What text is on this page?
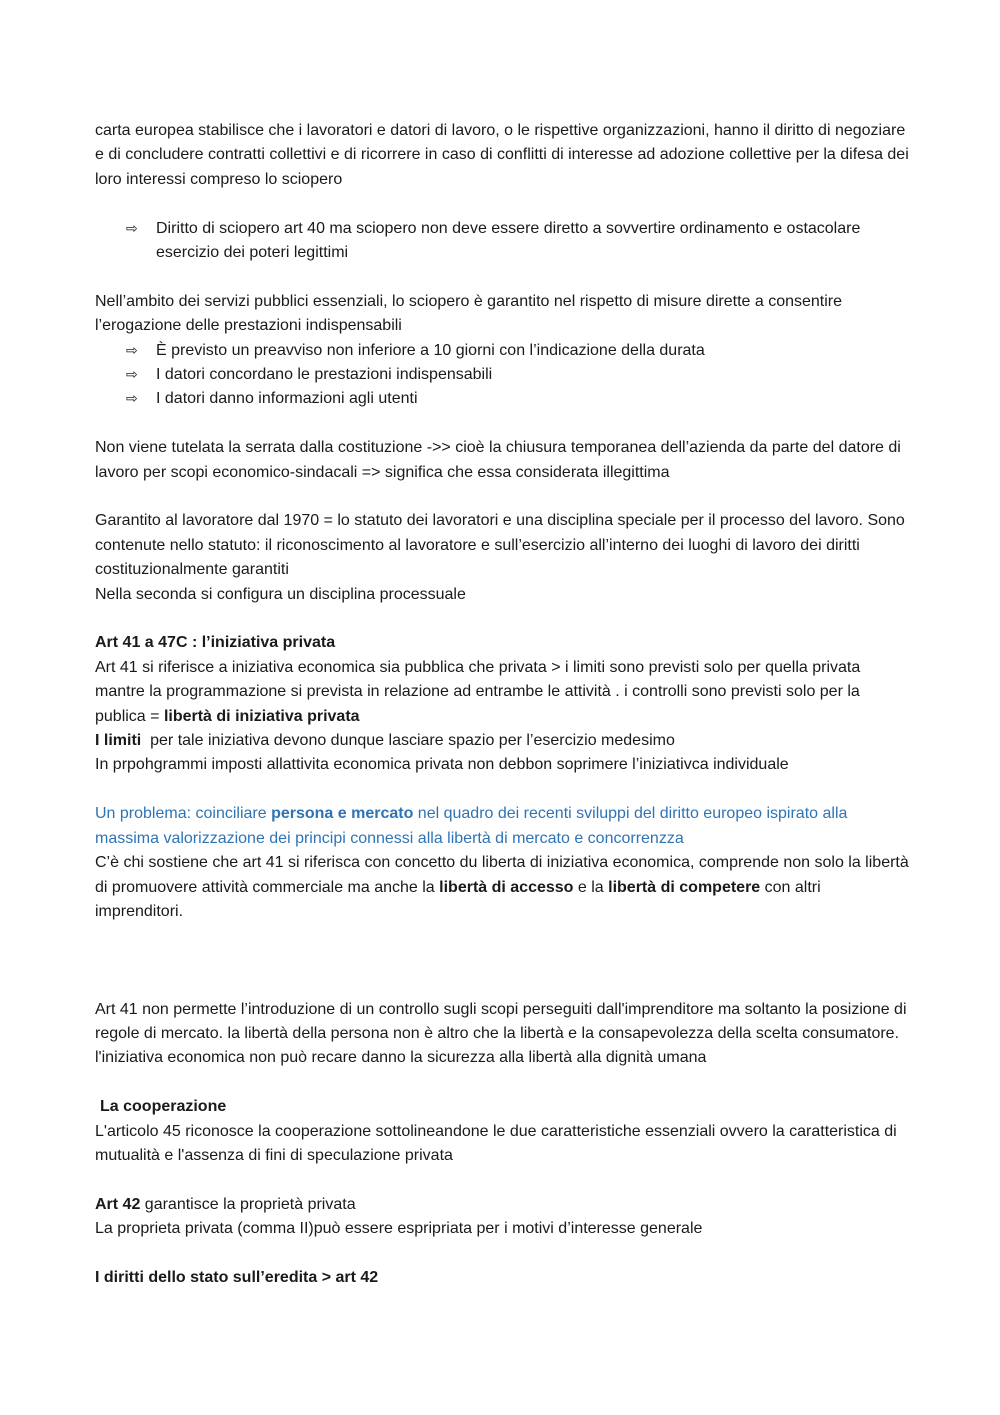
carta europea stabilisce che i lavoratori e datori di lavoro, o le rispettive organizzazioni, hanno il diritto di negoziare e di concludere contratti collettivi e di ricorrere in caso di conflitti di interesse ad adozione collettive per la difesa dei loro interessi compreso lo sciopero

⇨ Diritto di sciopero art 40 ma sciopero non deve essere diretto a sovvertire ordinamento e ostacolare esercizio dei poteri legittimi

Nell’ambito dei servizi pubblici essenziali, lo sciopero è garantito nel rispetto di misure dirette a consentire l’erogazione delle prestazioni indispensabili

⇨ È previsto un preavviso non inferiore a 10 giorni con l’indicazione della durata
⇨ I datori concordano le prestazioni indispensabili
⇨ I datori danno informazioni agli utenti

Non viene tutelata la serrata dalla costituzione ->> cioè la chiusura temporanea dell’azienda da parte del datore di lavoro per scopi economico-sindacali => significa che essa considerata illegittima

Garantito al lavoratore dal 1970 = lo statuto dei lavoratori e una disciplina speciale per il processo del lavoro. Sono contenute nello statuto: il riconoscimento al lavoratore e sull’esercizio all’interno dei luoghi di lavoro dei diritti costituzionalmente garantiti

Nella seconda si configura un disciplina processuale

Art 41 a 47C : l’iniziativa privata

Art 41 si riferisce a iniziativa economica sia pubblica che privata > i limiti sono previsti solo per quella privata mantre la programmazione si prevista in relazione ad entrambe le attività . i controlli sono previsti solo per la publica = libertà di iniziativa privata

I limiti  per tale iniziativa devono dunque lasciare spazio per l’esercizio medesimo

In prpohgrammi imposti allattivita economica privata non debbon soprimere l’iniziativca individuale

Un problema: coinciliare persona e mercato nel quadro dei recenti sviluppi del diritto europeo ispirato alla massima valorizzazione dei principi connessi alla libertà di mercato e concorrenzza

C’è chi sostiene che art 41 si riferisca con concetto du liberta di iniziativa economica, comprende non solo la libertà di promuovere attività commerciale ma anche la libertà di accesso e la libertà di competere con altri imprenditori.

Art 41 non permette l’introduzione di un controllo sugli scopi perseguiti dall'imprenditore ma soltanto la posizione di regole di mercato. la libertà della persona non è altro che la libertà e la consapevolezza della scelta consumatore. l'iniziativa economica non può recare danno la sicurezza alla libertà alla dignità umana

La cooperazione

L'articolo 45 riconosce la cooperazione sottolineandone le due caratteristiche essenziali ovvero la caratteristica di mutualità e l'assenza di fini di speculazione privata

Art 42 garantisce la proprietà privata

La proprieta privata (comma II)può essere espripriata per i motivi d’interesse generale

I diritti dello stato sull’eredita > art 42
